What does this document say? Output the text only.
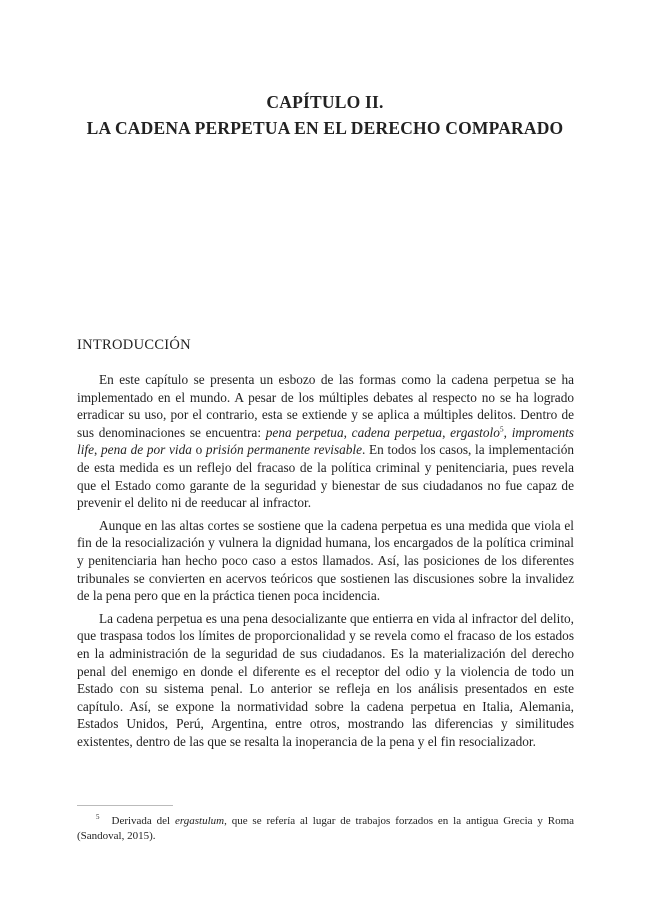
CAPÍTULO II.
LA CADENA PERPETUA EN EL DERECHO COMPARADO
INTRODUCCIÓN

En este capítulo se presenta un esbozo de las formas como la cadena perpetua se ha implementado en el mundo. A pesar de los múltiples debates al respecto no se ha logrado erradicar su uso, por el contrario, esta se extiende y se aplica a múltiples delitos. Dentro de sus denominaciones se encuentra: pena perpetua, cadena perpetua, ergastolo$^5$, improments life, pena de por vida o prisión permanente revisable. En todos los casos, la implementación de esta medida es un reflejo del fracaso de la política criminal y penitenciaria, pues revela que el Estado como garante de la seguridad y bienestar de sus ciudadanos no fue capaz de prevenir el delito ni de reeducar al infractor.

Aunque en las altas cortes se sostiene que la cadena perpetua es una medida que viola el fin de la resocialización y vulnera la dignidad humana, los encargados de la política criminal y penitenciaria han hecho poco caso a estos llamados. Así, las posiciones de los diferentes tribunales se convierten en acervos teóricos que sostienen las discusiones sobre la invalidez de la pena pero que en la práctica tienen poca incidencia.

La cadena perpetua es una pena desocializante que entierra en vida al infractor del delito, que traspasa todos los límites de proporcionalidad y se revela como el fracaso de los estados en la administración de la seguridad de sus ciudadanos. Es la materialización del derecho penal del enemigo en donde el diferente es el receptor del odio y la violencia de todo un Estado con su sistema penal. Lo anterior se refleja en los análisis presentados en este capítulo. Así, se expone la normatividad sobre la cadena perpetua en Italia, Alemania, Estados Unidos, Perú, Argentina, entre otros, mostrando las diferencias y similitudes existentes, dentro de las que se resalta la inoperancia de la pena y el fin resocializador.

$^5$ Derivada del ergastulum, que se refería al lugar de trabajos forzados en la antigua Grecia y Roma (Sandoval, 2015).
